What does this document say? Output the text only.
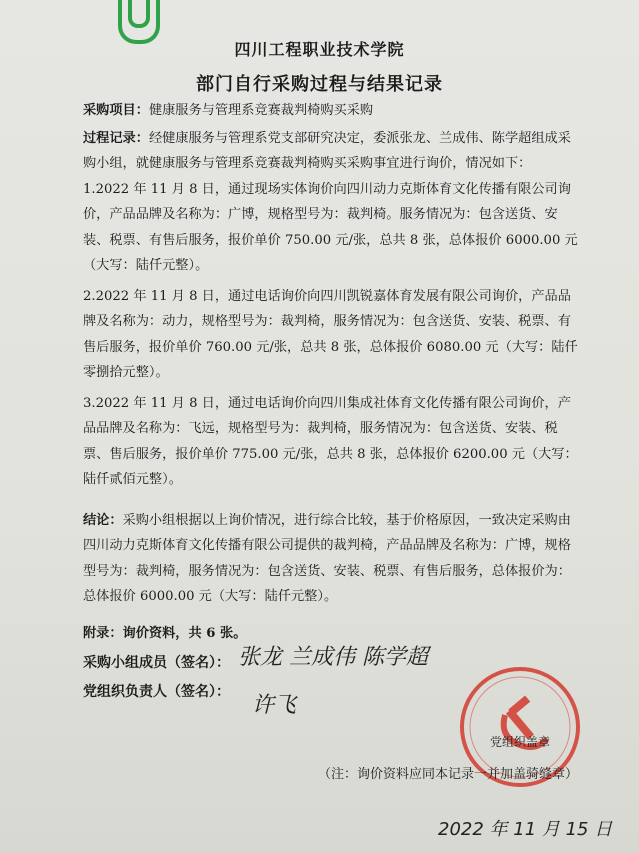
四川工程职业技术学院
部门自行采购过程与结果记录
采购项目：健康服务与管理系竞赛裁判椅购买采购
过程记录：经健康服务与管理系党支部研究决定，委派张龙、兰成伟、陈学超组成采购小组，就健康服务与管理系竞赛裁判椅购买采购事宜进行询价，情况如下：
1.2022 年 11 月 8 日，通过现场实体询价向四川动力克斯体育文化传播有限公司询价，产品品牌及名称为：广博，规格型号为：裁判椅。服务情况为：包含送货、安装、税票、有售后服务，报价单价 750.00 元/张，总共 8 张，总体报价 6000.00 元（大写：陆仟元整）。
2.2022 年 11 月 8 日，通过电话询价向四川凯锐嘉体育发展有限公司询价，产品品牌及名称为：动力，规格型号为：裁判椅，服务情况为：包含送货、安装、税票、有售后服务，报价单价 760.00 元/张，总共 8 张，总体报价 6080.00 元（大写：陆仟零捌拾元整）。
3.2022 年 11 月 8 日，通过电话询价向四川集成社体育文化传播有限公司询价，产品品牌及名称为：飞远，规格型号为：裁判椅，服务情况为：包含送货、安装、税票、售后服务，报价单价 775.00 元/张，总共 8 张，总体报价 6200.00 元（大写：陆仟贰佰元整）。
结论：采购小组根据以上询价情况，进行综合比较，基于价格原因，一致决定采购由四川动力克斯体育文化传播有限公司提供的裁判椅，产品品牌及名称为：广博，规格型号为：裁判椅，服务情况为：包含送货、安装、税票、有售后服务，总体报价为：总体报价 6000.00 元（大写：陆仟元整）。
附录：询价资料，共 6 张。
采购小组成员（签名）： 张龙 兰成伟 陈学超
党组织负责人（签名）：
许飞
党组织盖章
（注：询价资料应同本记录一并加盖骑缝章）
2022 年 11 月 15 日
